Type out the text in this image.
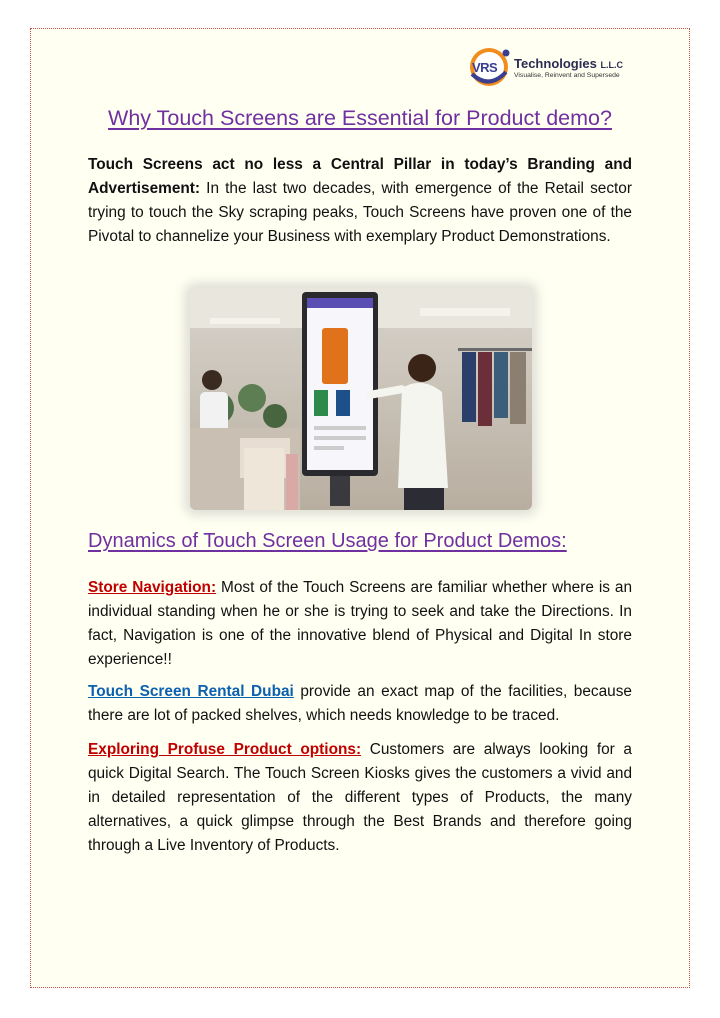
VRS Technologies L.L.C
Visualise, Reinvent and Supersede
Why Touch Screens are Essential for Product demo?

Touch Screens act no less a Central Pillar in today’s Branding and Advertisement: In the last two decades, with emergence of the Retail sector trying to touch the Sky scraping peaks, Touch Screens have proven one of the Pivotal to channelize your Business with exemplary Product Demonstrations.

Dynamics of Touch Screen Usage for Product Demos:

Store Navigation: Most of the Touch Screens are familiar whether where is an individual standing when he or she is trying to seek and take the Directions. In fact, Navigation is one of the innovative blend of Physical and Digital In store experience!!

Touch Screen Rental Dubai provide an exact map of the facilities, because there are lot of packed shelves, which needs knowledge to be traced.

Exploring Profuse Product options: Customers are always looking for a quick Digital Search. The Touch Screen Kiosks gives the customers a vivid and in detailed representation of the different types of Products, the many alternatives, a quick glimpse through the Best Brands and therefore going through a Live Inventory of Products.
